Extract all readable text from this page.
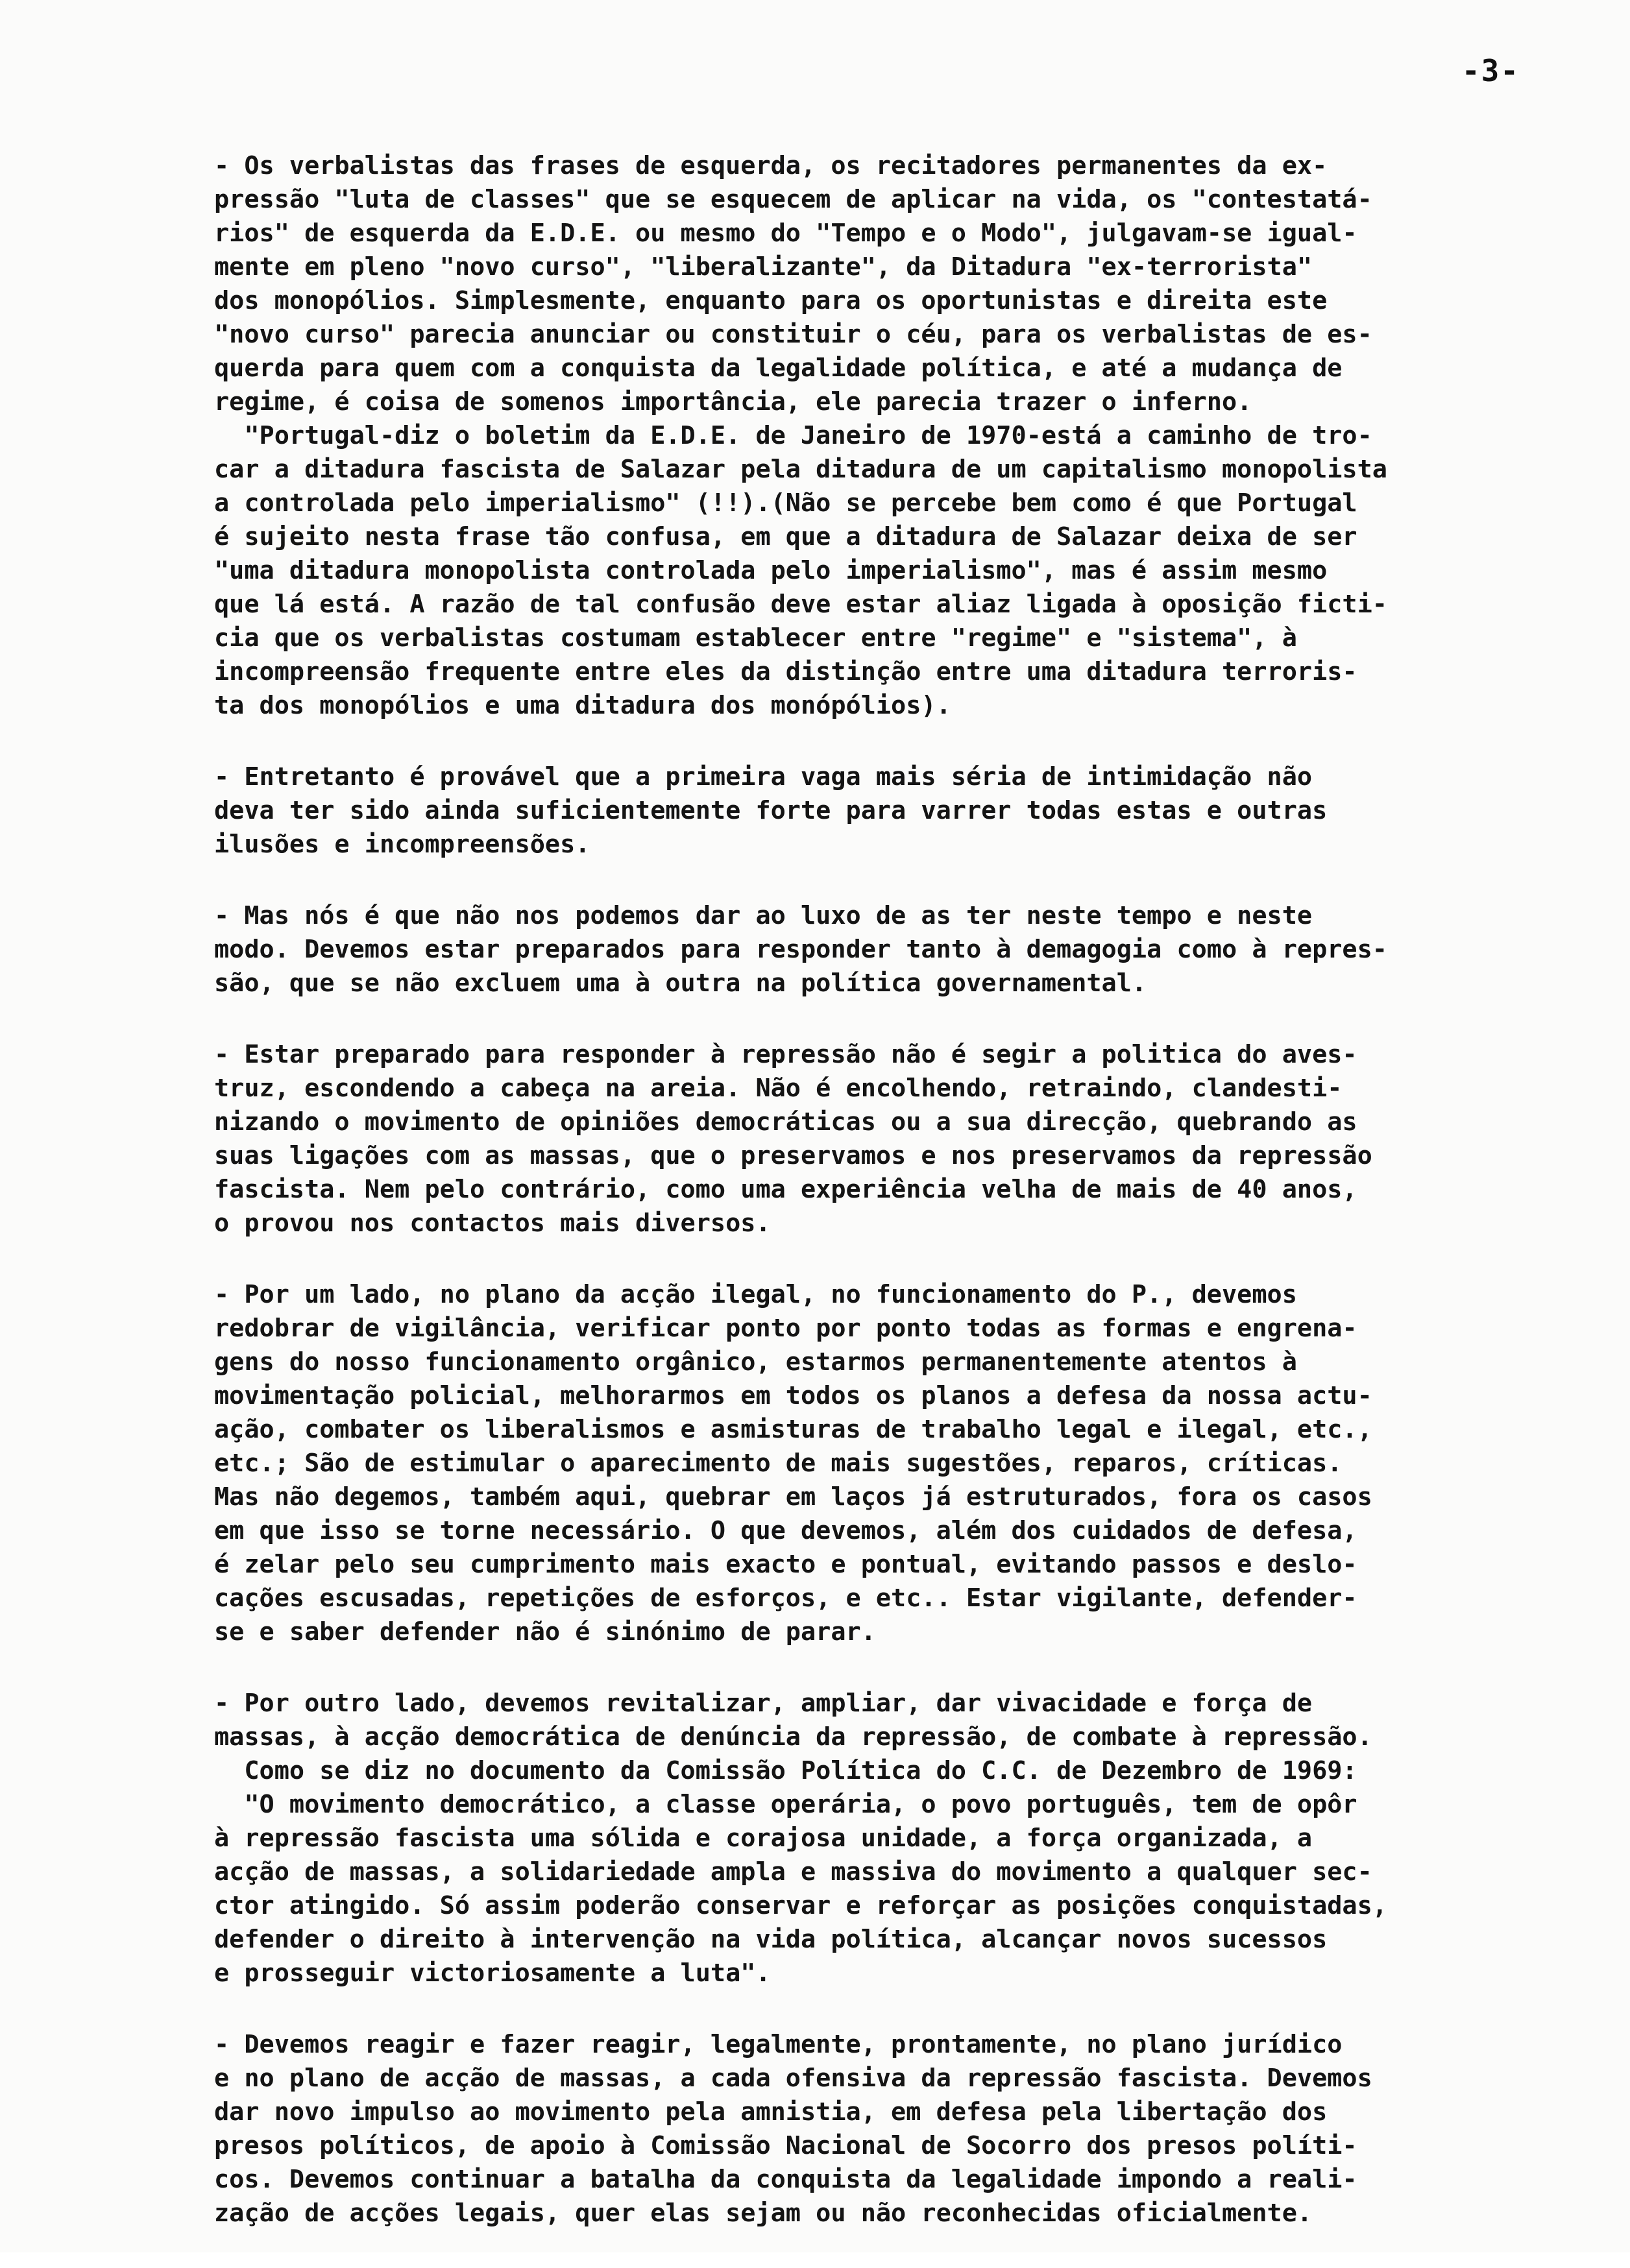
-3-
- Os verbalistas das frases de esquerda, os recitadores permanentes da ex-
pressão "luta de classes" que se esquecem de aplicar na vida, os "contestatá-
rios" de esquerda da E.D.E. ou mesmo do "Tempo e o Modo", julgavam-se igual-
mente em pleno "novo curso", "liberalizante", da Ditadura "ex-terrorista"
dos monopólios. Simplesmente, enquanto para os oportunistas e direita este
"novo curso" parecia anunciar ou constituir o céu, para os verbalistas de es-
querda para quem com a conquista da legalidade política, e até a mudança de
regime, é coisa de somenos importância, ele parecia trazer o inferno.
"Portugal-diz o boletim da E.D.E. de Janeiro de 1970-está a caminho de tro-
car a ditadura fascista de Salazar pela ditadura de um capitalismo monopolista
a controlada pelo imperialismo" (!!).(Não se percebe bem como é que Portugal
é sujeito nesta frase tão confusa, em que a ditadura de Salazar deixa de ser
"uma ditadura monopolista controlada pelo imperialismo", mas é assim mesmo
que lá está. A razão de tal confusão deve estar aliaz ligada à oposição ficti-
cia que os verbalistas costumam establecer entre "regime" e "sistema", à
incompreensão frequente entre eles da distinção entre uma ditadura terroris-
ta dos monopólios e uma ditadura dos monópólios).
- Entretanto é provável que a primeira vaga mais séria de intimidação não
deva ter sido ainda suficientemente forte para varrer todas estas e outras
ilusões e incompreensões.
- Mas nós é que não nos podemos dar ao luxo de as ter neste tempo e neste
modo. Devemos estar preparados para responder tanto à demagogia como à repres-
são, que se não excluem uma à outra na política governamental.
- Estar preparado para responder à repressão não é segir a politica do aves-
truz, escondendo a cabeça na areia. Não é encolhendo, retraindo, clandesti-
nizando o movimento de opiniões democráticas ou a sua direcção, quebrando as
suas ligações com as massas, que o preservamos e nos preservamos da repressão
fascista. Nem pelo contrário, como uma experiência velha de mais de 40 anos,
o provou nos contactos mais diversos.
- Por um lado, no plano da acção ilegal, no funcionamento do P., devemos
redobrar de vigilância, verificar ponto por ponto todas as formas e engrena-
gens do nosso funcionamento orgânico, estarmos permanentemente atentos à
movimentação policial, melhorarmos em todos os planos a defesa da nossa actu-
ação, combater os liberalismos e asmisturas de trabalho legal e ilegal, etc.,
etc.; São de estimular o aparecimento de mais sugestões, reparos, críticas.
Mas não degemos, também aqui, quebrar em laços já estruturados, fora os casos
em que isso se torne necessário. O que devemos, além dos cuidados de defesa,
é zelar pelo seu cumprimento mais exacto e pontual, evitando passos e deslo-
cações escusadas, repetições de esforços, e etc.. Estar vigilante, defender-
se e saber defender não é sinónimo de parar.
- Por outro lado, devemos revitalizar, ampliar, dar vivacidade e força de
massas, à acção democrática de denúncia da repressão, de combate à repressão.
Como se diz no documento da Comissão Política do C.C. de Dezembro de 1969:
"O movimento democrático, a classe operária, o povo português, tem de opôr
à repressão fascista uma sólida e corajosa unidade, a força organizada, a
acção de massas, a solidariedade ampla e massiva do movimento a qualquer sec-
ctor atingido. Só assim poderão conservar e reforçar as posições conquistadas,
defender o direito à intervenção na vida política, alcançar novos sucessos
e prosseguir victoriosamente a luta".
- Devemos reagir e fazer reagir, legalmente, prontamente, no plano jurídico
e no plano de acção de massas, a cada ofensiva da repressão fascista. Devemos
dar novo impulso ao movimento pela amnistia, em defesa pela libertação dos
presos políticos, de apoio à Comissão Nacional de Socorro dos presos políti-
cos. Devemos continuar a batalha da conquista da legalidade impondo a reali-
zação de acções legais, quer elas sejam ou não reconhecidas oficialmente.
